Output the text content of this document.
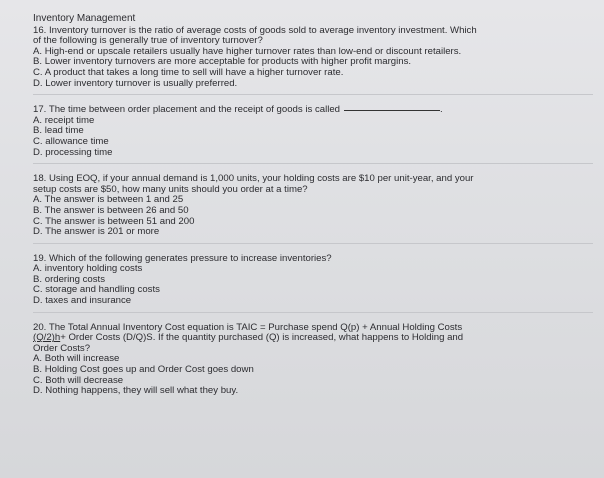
Inventory Management
16. Inventory turnover is the ratio of average costs of goods sold to average inventory investment. Which
of the following is generally true of inventory turnover?
A. High-end or upscale retailers usually have higher turnover rates than low-end or discount retailers.
B. Lower inventory turnovers are more acceptable for products with higher profit margins.
C. A product that takes a long time to sell will have a higher turnover rate.
D. Lower inventory turnover is usually preferred.
17. The time between order placement and the receipt of goods is called	.
A. receipt time
B. lead time
C. allowance time
D. processing time
18. Using EOQ, if your annual demand is 1,000 units, your holding costs are $10 per unit-year, and your
setup costs are $50, how many units should you order at a time?
A. The answer is between 1 and 25
B. The answer is between 26 and 50
C. The answer is between 51 and 200
D. The answer is 201 or more
19. Which of the following generates pressure to increase inventories?
A. inventory holding costs
B. ordering costs
C. storage and handling costs
D. taxes and insurance
20. The Total Annual Inventory Cost equation is TAIC = Purchase spend Q(p) + Annual Holding Costs
(Q/2)h+ Order Costs (D/Q)S. If the quantity purchased (Q) is increased, what happens to Holding and
Order Costs?
A. Both will increase
B. Holding Cost goes up and Order Cost goes down
C. Both will decrease
D. Nothing happens, they will sell what they buy.
